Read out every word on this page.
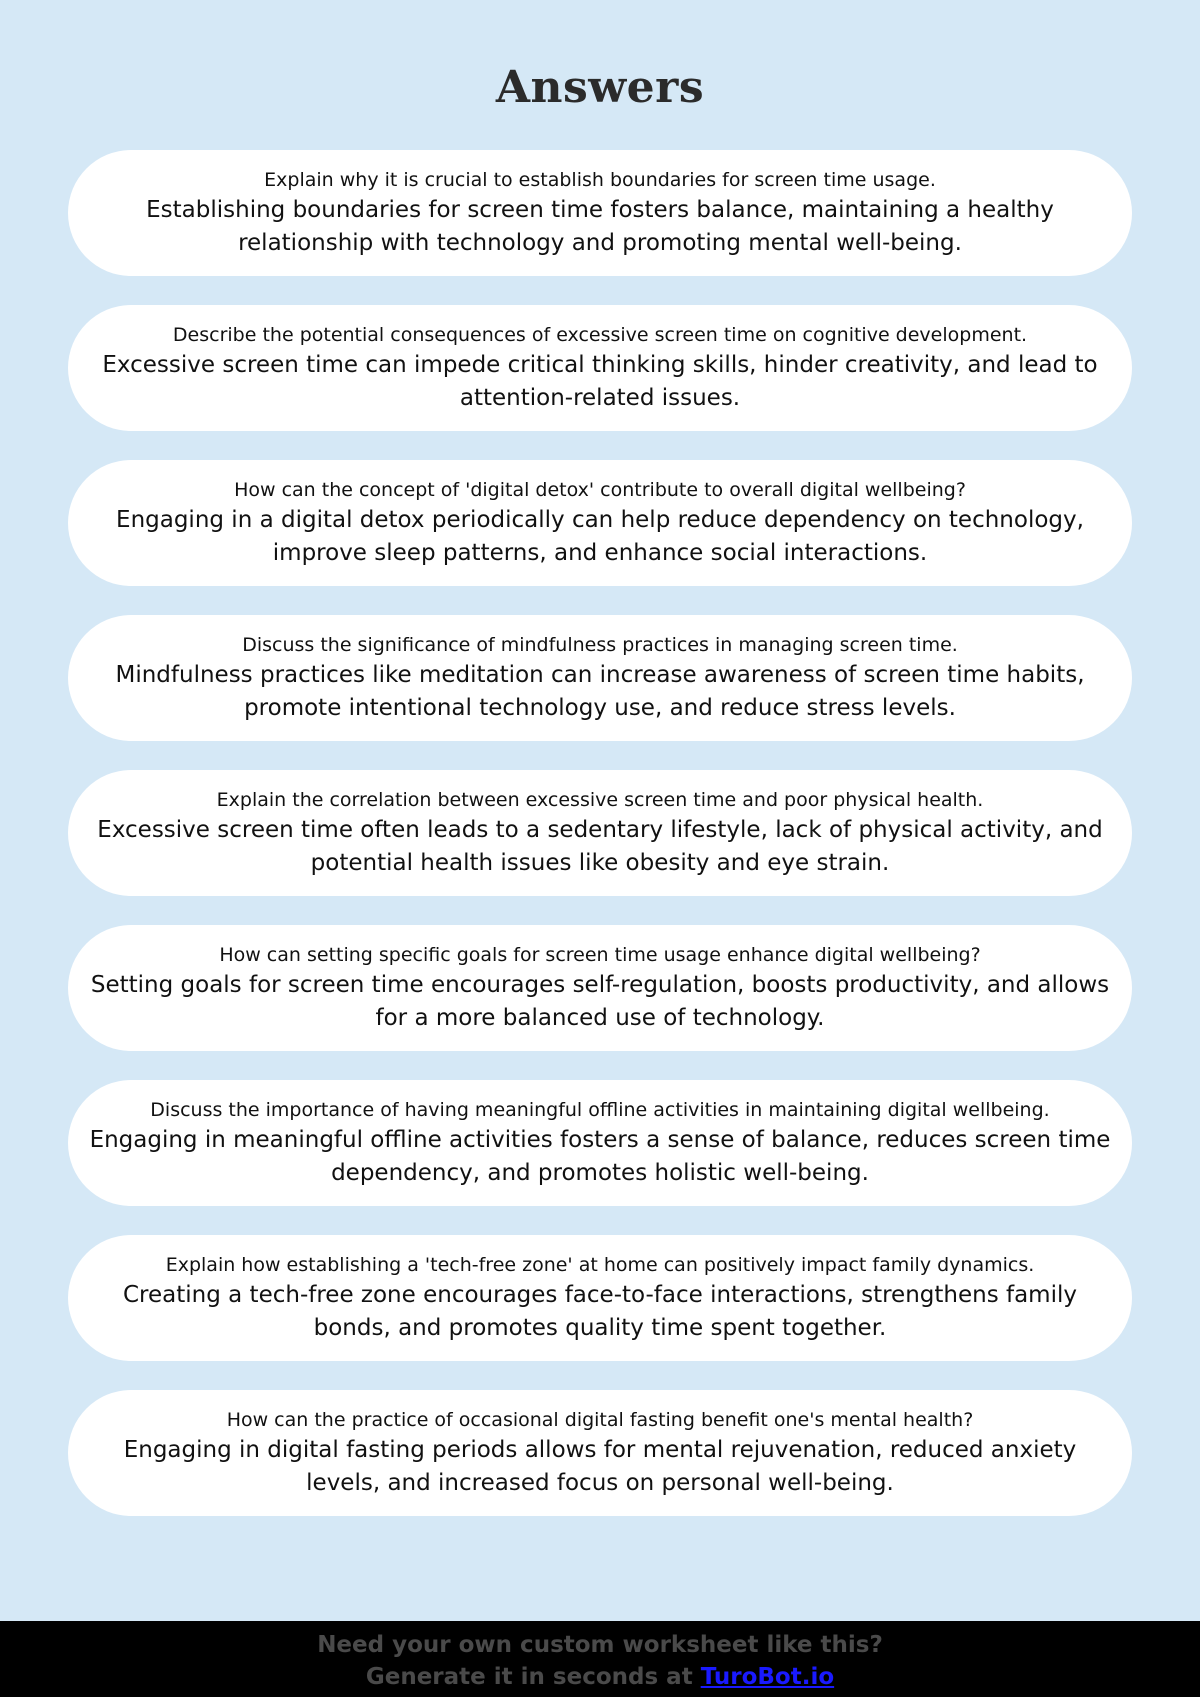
Answers
Explain why it is crucial to establish boundaries for screen time usage.
Establishing boundaries for screen time fosters balance, maintaining a healthy relationship with technology and promoting mental well-being.
Describe the potential consequences of excessive screen time on cognitive development.
Excessive screen time can impede critical thinking skills, hinder creativity, and lead to attention-related issues.
How can the concept of 'digital detox' contribute to overall digital wellbeing?
Engaging in a digital detox periodically can help reduce dependency on technology, improve sleep patterns, and enhance social interactions.
Discuss the significance of mindfulness practices in managing screen time.
Mindfulness practices like meditation can increase awareness of screen time habits, promote intentional technology use, and reduce stress levels.
Explain the correlation between excessive screen time and poor physical health.
Excessive screen time often leads to a sedentary lifestyle, lack of physical activity, and potential health issues like obesity and eye strain.
How can setting specific goals for screen time usage enhance digital wellbeing?
Setting goals for screen time encourages self-regulation, boosts productivity, and allows for a more balanced use of technology.
Discuss the importance of having meaningful offline activities in maintaining digital wellbeing.
Engaging in meaningful offline activities fosters a sense of balance, reduces screen time dependency, and promotes holistic well-being.
Explain how establishing a 'tech-free zone' at home can positively impact family dynamics.
Creating a tech-free zone encourages face-to-face interactions, strengthens family bonds, and promotes quality time spent together.
How can the practice of occasional digital fasting benefit one's mental health?
Engaging in digital fasting periods allows for mental rejuvenation, reduced anxiety levels, and increased focus on personal well-being.
Need your own custom worksheet like this?
Generate it in seconds at TuroBot.io
